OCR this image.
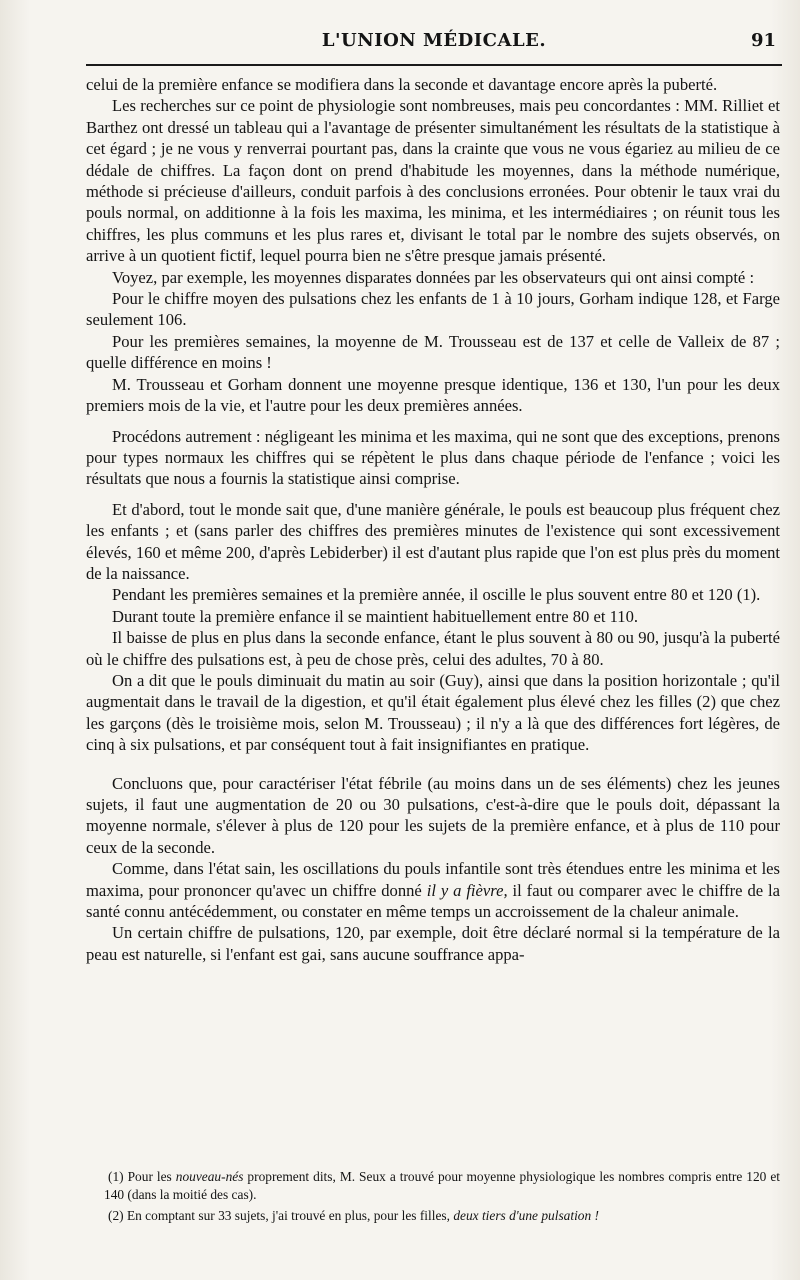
L'UNION MÉDICALE.	91

celui de la première enfance se modifiera dans la seconde et davantage encore après la puberté.

Les recherches sur ce point de physiologie sont nombreuses, mais peu concordantes : MM. Rilliet et Barthez ont dressé un tableau qui a l'avantage de présenter simultanément les résultats de la statistique à cet égard ; je ne vous y renverrai pourtant pas, dans la crainte que vous ne vous égariez au milieu de ce dédale de chiffres. La façon dont on prend d'habitude les moyennes, dans la méthode numérique, méthode si précieuse d'ailleurs, conduit parfois à des conclusions erronées. Pour obtenir le taux vrai du pouls normal, on additionne à la fois les maxima, les minima, et les intermédiaires ; on réunit tous les chiffres, les plus communs et les plus rares et, divisant le total par le nombre des sujets observés, on arrive à un quotient fictif, lequel pourra bien ne s'être presque jamais présenté.

Voyez, par exemple, les moyennes disparates données par les observateurs qui ont ainsi compté :

Pour le chiffre moyen des pulsations chez les enfants de 1 à 10 jours, Gorham indique 128, et Farge seulement 106.

Pour les premières semaines, la moyenne de M. Trousseau est de 137 et celle de Valleix de 87 ; quelle différence en moins !

M. Trousseau et Gorham donnent une moyenne presque identique, 136 et 130, l'un pour les deux premiers mois de la vie, et l'autre pour les deux premières années.

Procédons autrement : négligeant les minima et les maxima, qui ne sont que des exceptions, prenons pour types normaux les chiffres qui se répètent le plus dans chaque période de l'enfance ; voici les résultats que nous a fournis la statistique ainsi comprise.

Et d'abord, tout le monde sait que, d'une manière générale, le pouls est beaucoup plus fréquent chez les enfants ; et (sans parler des chiffres des premières minutes de l'existence qui sont excessivement élevés, 160 et même 200, d'après Lebiderber) il est d'autant plus rapide que l'on est plus près du moment de la naissance.

Pendant les premières semaines et la première année, il oscille le plus souvent entre 80 et 120 (1).

Durant toute la première enfance il se maintient habituellement entre 80 et 110.

Il baisse de plus en plus dans la seconde enfance, étant le plus souvent à 80 ou 90, jusqu'à la puberté où le chiffre des pulsations est, à peu de chose près, celui des adultes, 70 à 80.

On a dit que le pouls diminuait du matin au soir (Guy), ainsi que dans la position horizontale ; qu'il augmentait dans le travail de la digestion, et qu'il était également plus élevé chez les filles (2) que chez les garçons (dès le troisième mois, selon M. Trousseau) ; il n'y a là que des différences fort légères, de cinq à six pulsations, et par conséquent tout à fait insignifiantes en pratique.

Concluons que, pour caractériser l'état fébrile (au moins dans un de ses éléments) chez les jeunes sujets, il faut une augmentation de 20 ou 30 pulsations, c'est-à-dire que le pouls doit, dépassant la moyenne normale, s'élever à plus de 120 pour les sujets de la première enfance, et à plus de 110 pour ceux de la seconde.

Comme, dans l'état sain, les oscillations du pouls infantile sont très étendues entre les minima et les maxima, pour prononcer qu'avec un chiffre donné il y a fièvre, il faut ou comparer avec le chiffre de la santé connu antécédemment, ou constater en même temps un accroissement de la chaleur animale.

Un certain chiffre de pulsations, 120, par exemple, doit être déclaré normal si la température de la peau est naturelle, si l'enfant est gai, sans aucune souffrance appa-

(1) Pour les nouveau-nés proprement dits, M. Seux a trouvé pour moyenne physiologique les nombres compris entre 120 et 140 (dans la moitié des cas).

(2) En comptant sur 33 sujets, j'ai trouvé en plus, pour les filles, deux tiers d'une pulsation !
